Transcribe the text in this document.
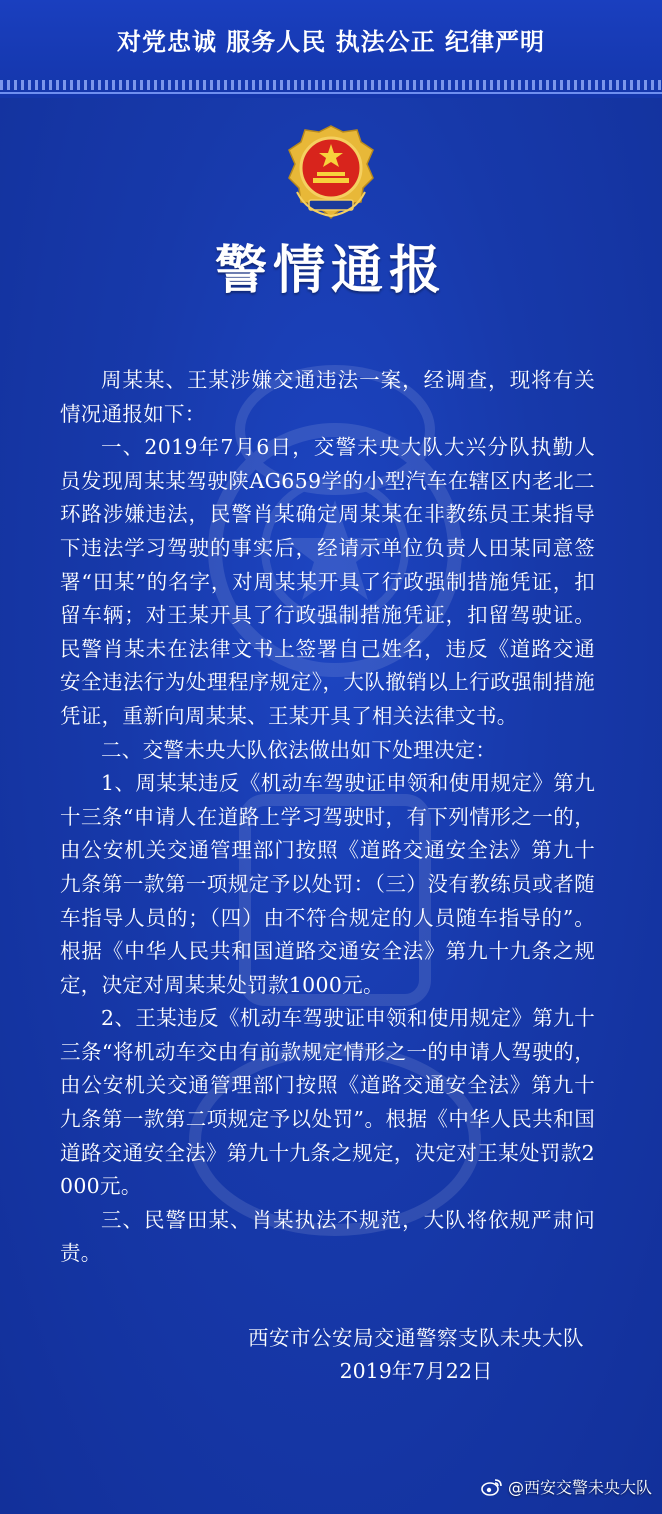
对党忠诚 服务人民 执法公正 纪律严明
警情通报

周某某、王某涉嫌交通违法一案，经调查，现将有关情况通报如下：

一、2019年7月6日，交警未央大队大兴分队执勤人员发现周某某驾驶陕AG659学的小型汽车在辖区内老北二环路涉嫌违法，民警肖某确定周某某在非教练员王某指导下违法学习驾驶的事实后，经请示单位负责人田某同意签署“田某”的名字，对周某某开具了行政强制措施凭证，扣留车辆；对王某开具了行政强制措施凭证，扣留驾驶证。民警肖某未在法律文书上签署自己姓名，违反《道路交通安全违法行为处理程序规定》，大队撤销以上行政强制措施凭证，重新向周某某、王某开具了相关法律文书。

二、交警未央大队依法做出如下处理决定：

1、周某某违反《机动车驾驶证申领和使用规定》第九十三条“申请人在道路上学习驾驶时，有下列情形之一的，由公安机关交通管理部门按照《道路交通安全法》第九十九条第一款第一项规定予以处罚：（三）没有教练员或者随车指导人员的；（四）由不符合规定的人员随车指导的”。根据《中华人民共和国道路交通安全法》第九十九条之规定，决定对周某某处罚款1000元。

2、王某违反《机动车驾驶证申领和使用规定》第九十三条“将机动车交由有前款规定情形之一的申请人驾驶的，由公安机关交通管理部门按照《道路交通安全法》第九十九条第一款第二项规定予以处罚”。根据《中华人民共和国道路交通安全法》第九十九条之规定，决定对王某处罚款2000元。

三、民警田某、肖某执法不规范，大队将依规严肃问责。

西安市公安局交通警察支队未央大队
2019年7月22日
@西安交警未央大队
